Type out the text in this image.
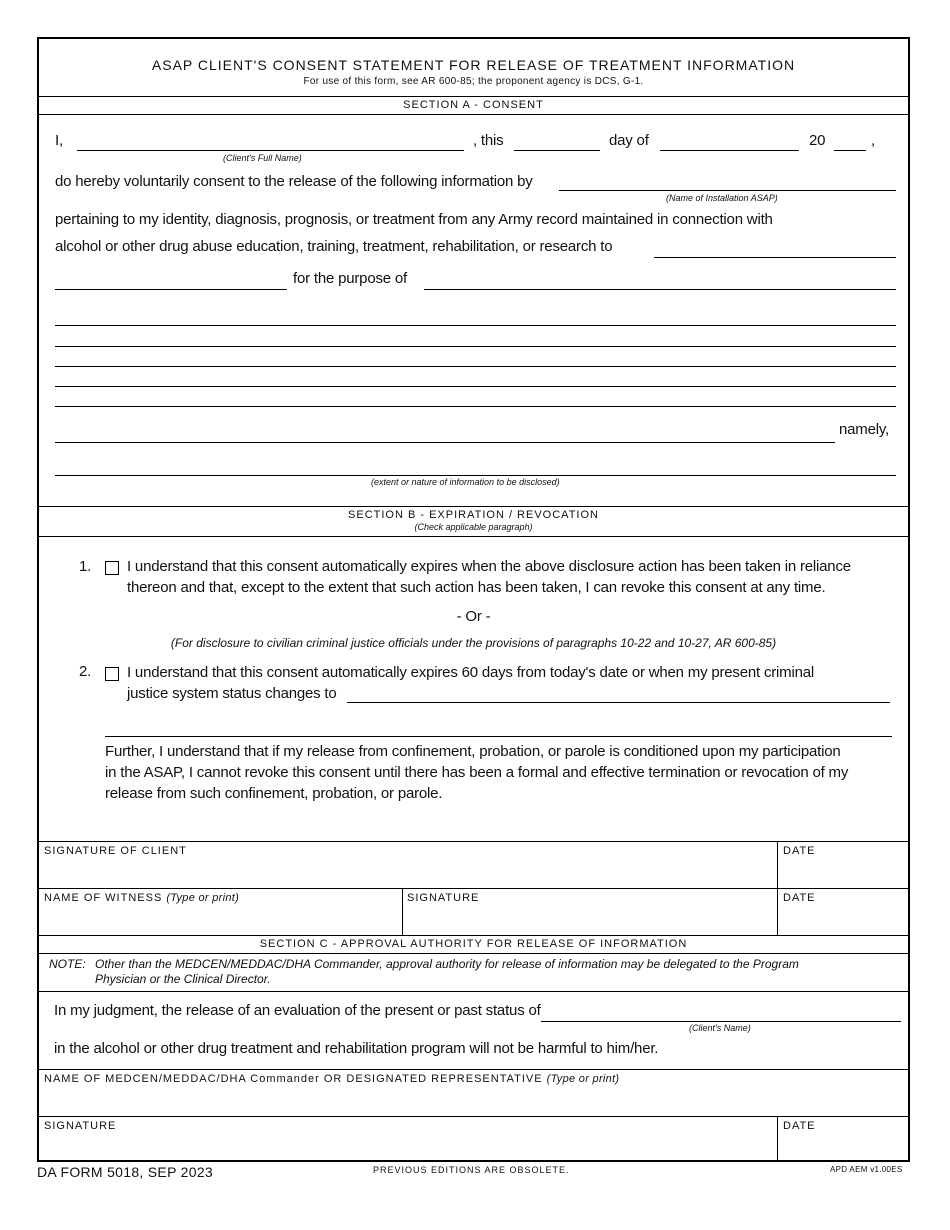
ASAP CLIENT'S CONSENT STATEMENT FOR RELEASE OF TREATMENT INFORMATION
For use of this form, see AR 600-85; the proponent agency is DCS, G-1.
SECTION A - CONSENT
I,
(Client's Full Name)
, this	day of	20	,
do hereby voluntarily consent to the release of the following information by
(Name of Installation ASAP)
pertaining to my identity, diagnosis, prognosis, or treatment from any Army record maintained in connection with
alcohol or other drug abuse education, training, treatment, rehabilitation, or research to
for the purpose of
namely,
(extent or nature of information to be disclosed)
SECTION B - EXPIRATION / REVOCATION
(Check applicable paragraph)
1. I understand that this consent automatically expires when the above disclosure action has been taken in reliance
thereon and that, except to the extent that such action has been taken, I can revoke this consent at any time.
- Or -
(For disclosure to civilian criminal justice officials under the provisions of paragraphs 10-22 and 10-27, AR 600-85)
2. I understand that this consent automatically expires 60 days from today's date or when my present criminal
justice system status changes to
Further, I understand that if my release from confinement, probation, or parole is conditioned upon my participation
in the ASAP, I cannot revoke this consent until there has been a formal and effective termination or revocation of my
release from such confinement, probation, or parole.
SIGNATURE OF CLIENT	DATE
NAME OF WITNESS (Type or print)	SIGNATURE	DATE
SECTION C - APPROVAL AUTHORITY FOR RELEASE OF INFORMATION
NOTE: Other than the MEDCEN/MEDDAC/DHA Commander, approval authority for release of information may be delegated to the Program
Physician or the Clinical Director.
In my judgment, the release of an evaluation of the present or past status of
(Client's Name)
in the alcohol or other drug treatment and rehabilitation program will not be harmful to him/her.
NAME OF MEDCEN/MEDDAC/DHA Commander OR DESIGNATED REPRESENTATIVE (Type or print)
SIGNATURE	DATE
DA FORM 5018, SEP 2023	PREVIOUS EDITIONS ARE OBSOLETE.	APD AEM v1.00ES
